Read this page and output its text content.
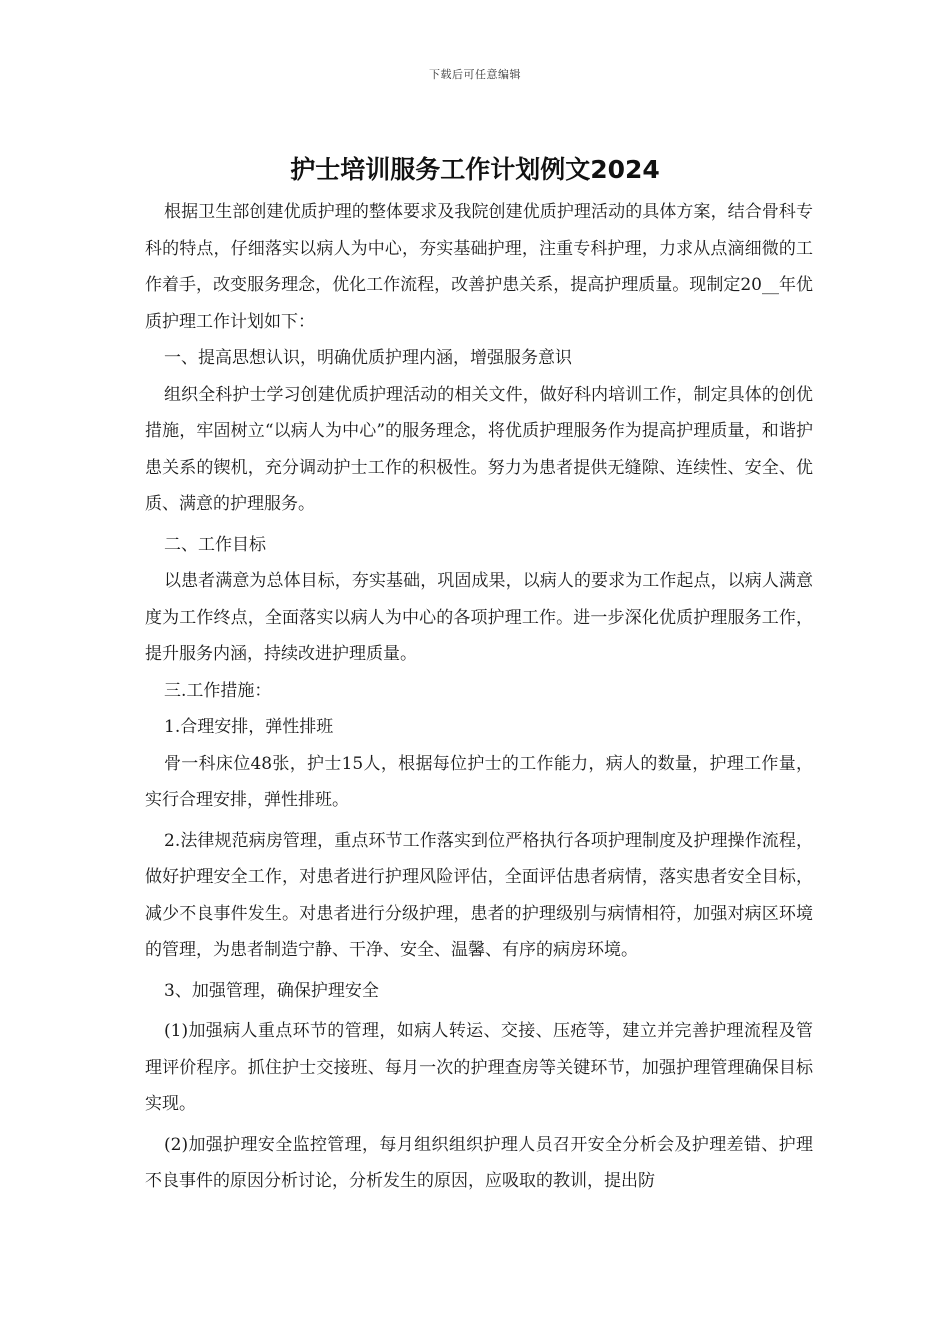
下载后可任意编辑
护士培训服务工作计划例文2024

根据卫生部创建优质护理的整体要求及我院创建优质护理活动的具体方案，结合骨科专科的特点，仔细落实以病人为中心，夯实基础护理，注重专科护理，力求从点滴细微的工作着手，改变服务理念，优化工作流程，改善护患关系，提高护理质量。现制定20__年优质护理工作计划如下：

一、提高思想认识，明确优质护理内涵，增强服务意识

组织全科护士学习创建优质护理活动的相关文件，做好科内培训工作，制定具体的创优措施，牢固树立“以病人为中心”的服务理念，将优质护理服务作为提高护理质量，和谐护患关系的锲机，充分调动护士工作的积极性。努力为患者提供无缝隙、连续性、安全、优质、满意的护理服务。

二、工作目标

以患者满意为总体目标，夯实基础，巩固成果，以病人的要求为工作起点，以病人满意度为工作终点，全面落实以病人为中心的各项护理工作。进一步深化优质护理服务工作，提升服务内涵，持续改进护理质量。

三.工作措施：

1.合理安排，弹性排班

骨一科床位48张，护士15人，根据每位护士的工作能力，病人的数量，护理工作量，实行合理安排，弹性排班。

2.法律规范病房管理，重点环节工作落实到位严格执行各项护理制度及护理操作流程，做好护理安全工作，对患者进行护理风险评估，全面评估患者病情，落实患者安全目标，减少不良事件发生。对患者进行分级护理，患者的护理级别与病情相符，加强对病区环境的管理，为患者制造宁静、干净、安全、温馨、有序的病房环境。

3、加强管理，确保护理安全

(1)加强病人重点环节的管理，如病人转运、交接、压疮等，建立并完善护理流程及管理评价程序。抓住护士交接班、每月一次的护理查房等关键环节，加强护理管理确保目标实现。

(2)加强护理安全监控管理，每月组织组织护理人员召开安全分析会及护理差错、护理不良事件的原因分析讨论，分析发生的原因，应吸取的教训，提出防
